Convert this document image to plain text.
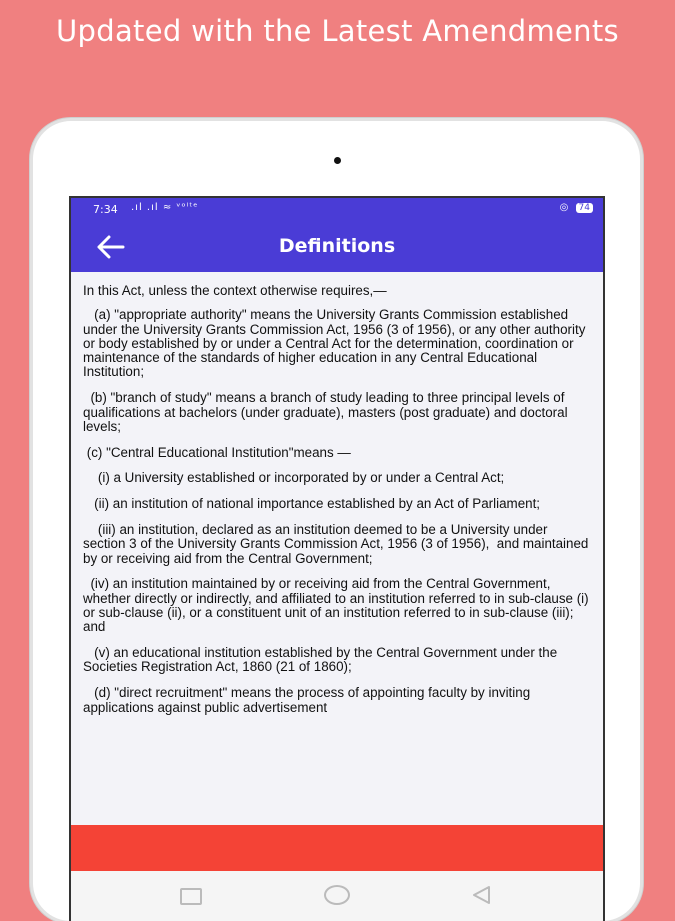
Updated with the Latest Amendments
7:34 .ıl .ıl ≈ ᵛᵒˡᵗᵉ	◎ 74
Definitions

In this Act, unless the context otherwise requires,—

(a) "appropriate authority" means the University Grants Commission established under the University Grants Commission Act, 1956 (3 of 1956), or any other authority or body established by or under a Central Act for the determination, coordination or maintenance of the standards of higher education in any Central Educational Institution;

(b) "branch of study" means a branch of study leading to three principal levels of qualifications at bachelors (under graduate), masters (post graduate) and doctoral levels;

(c) "Central Educational Institution"means —

(i) a University established or incorporated by or under a Central Act;

(ii) an institution of national importance established by an Act of Parliament;

(iii) an institution, declared as an institution deemed to be a University under section 3 of the University Grants Commission Act, 1956 (3 of 1956),  and maintained by or receiving aid from the Central Government;

(iv) an institution maintained by or receiving aid from the Central Government, whether directly or indirectly, and affiliated to an institution referred to in sub-clause (i) or sub-clause (ii), or a constituent unit of an institution referred to in sub-clause (iii); and

(v) an educational institution established by the Central Government under the Societies Registration Act, 1860 (21 of 1860);

(d) "direct recruitment" means the process of appointing faculty by inviting applications against public advertisement
